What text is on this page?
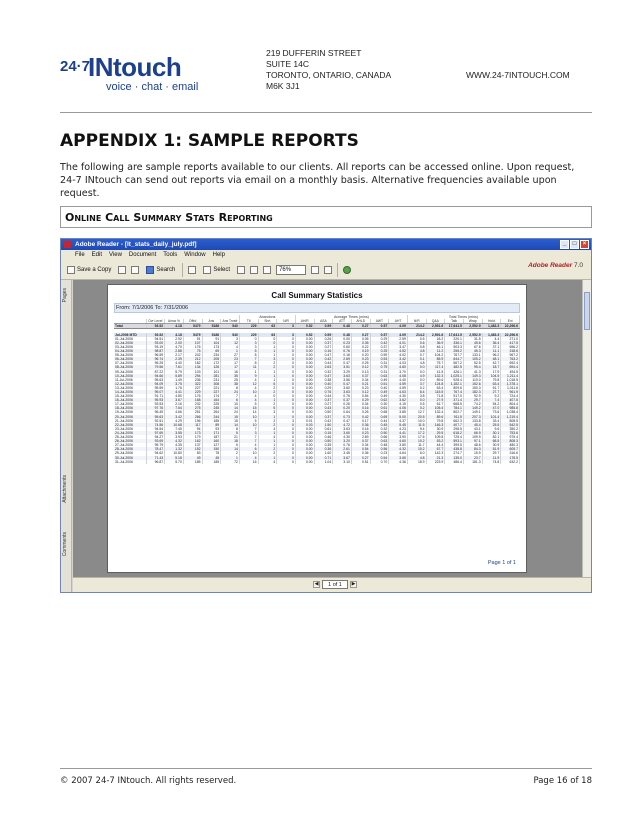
24·7
INtouch
voice · chat · email
219 DUFFERIN STREET
SUITE 14C
TORONTO, ONTARIO, CANADA
M6K 3J1
WWW.24-7INTOUCH.COM
APPENDIX 1: SAMPLE REPORTS

The following are sample reports available to our clients. All reports can be accessed online. Upon request, 24-7 INtouch can send out reports via email on a monthly basis. Alternative frequencies available upon request.

Online Call Summary Stats Reporting
Adobe Reader - [lt_stats_daily_july.pdf]	_	□	×
File Edit View Document Tools Window Help
Save a Copy	Search	Select	76%
Adobe Reader 7.0
Pages
Attachments
Comments
Call Summary Statistics
From: 7/1/2006 To: 7/31/2006
						Abandons			Average Times (mins)						Total Times (mins)					
	Ovr Level	Answ %	Offrd	Ans	Ans Trnsfr	Ttl	Shrt	N/R	AH/R	ASA	ATT	AHLD	AWT	AHT	N/R	Q&A	Talk	Wrap	Hold	Ext
Total	93.52	4.18	5479	5186	540	229	63	3	0.52	0.59	0.48	0.27	0.57	4.09	214.2	2,591.6	17,641.5	2,552.9	1,483.3	22,296.6

Jul-2006 MTD	93.52	4.18	5479	5186	540	229	63	3	0.52	0.59	0.48	0.27	0.57	4.09	214.2	2,591.6	17,641.5	2,552.9	1,483.3	22,296.6
01-Jul-2006	94.51	2.92	91	91	3	0	0	0	0.00	0.26	0.00	0.05	0.29	2.59	0.5	18.2	220.1	31.5	4.4	271.0
02-Jul-2006	93.00	2.00	107	104	12	3	0	0	0.00	0.37	0.23	0.35	0.42	4.01	0.6	36.9	336.1	45.6	36.4	417.5
03-Jul-2006	93.19	4.70	176	173	4	3	1	0	0.00	0.27	0.60	0.22	0.37	3.47	0.8	46.1	503.3	67.6	37.1	656.2
04-Jul-2006	98.87	2.88	75	69	1	5	1	0	0.00	0.16	0.76	0.19	0.25	4.52	4.8	11.2	255.2	45.3	11.1	318.6
05-Jul-2006	96.59	2.17	242	234	27	8	1	0	0.00	0.47	0.16	0.20	0.59	4.02	0.7	104.2	767.7	133.1	96.2	967.2
06-Jul-2006	96.74	2.39	212	205	23	7	3	0	0.00	0.42	2.69	0.23	0.53	3.42	0.1	85.9	644.7	105.2	48.1	763.2
07-Jul-2006	95.25	4.40	182	172	17	8	2	0	0.00	0.44	0.47	0.25	0.31	4.03	4.8	75.7	567.2	52.5	42.7	692.4
08-Jul-2006	79.56	7.61	134	126	17	11	2	0	0.00	2.63	3.51	0.12	0.75	4.60	0.0	117.4	482.5	95.4	18.7	694.4
09-Jul-2006	87.22	5.79	103	101	16	1	1	0	0.00	0.32	3.29	0.13	0.31	3.70	0.0	41.5	426.1	41.3	17.9	494.5
10-Jul-2006	94.66	5.89	294	281	35	9	1	0	0.00	0.47	3.63	0.37	0.63	4.08	4.9	132.3	1,025.1	149.3	104.5	1,211.4
11-Jul-2006	95.63	1.49	236	231	25	4	1	0	0.00	0.38	3.56	0.34	0.49	4.40	0.0	89.6	928.4	110.0	79.8	1,018.5
12-Jul-2006	94.09	3.75	322	308	38	12	6	0	0.00	0.40	0.47	0.21	0.51	4.59	3.7	124.8	1,182.1	152.6	63.4	1,378.1
13-Jul-2006	95.59	1.76	227	221	8	4	2	0	0.00	0.29	3.60	0.23	0.40	4.59	0.2	63.4	809.6	150.3	51.7	1,011.6
14-Jul-2006	95.07	4.41	229	227	24	10	2	0	0.00	0.76	3.63	0.12	0.49	4.63	8.4	115.5	767.4	182.3	27.7	961.9
15-Jul-2006	91.71	4.80	176	174	7	4	0	0	0.00	0.44	0.76	0.54	0.49	4.30	3.8	71.8	517.0	92.9	9.2	724.4
16-Jul-2006	95.93	3.67	168	164	6	4	1	0	0.00	0.37	0.37	0.29	0.62	3.62	0.0	27.9	371.4	29.7	7.4	407.5
17-Jul-2006	93.53	2.16	232	225	10	5	2	0	0.00	0.27	0.26	0.34	0.30	4.15	0.5	61.7	668.5	74.2	54.2	804.4
18-Jul-2006	97.76	7.54	275	245	14	15	5	0	0.00	0.43	0.20	0.16	0.61	4.06	0.2	105.4	784.1	149.2	47.0	985.8
19-Jul-2006	96.49	4.66	251	264	24	14	3	0	0.00	0.50	0.64	0.26	0.68	3.85	12.7	132.4	802.7	149.1	73.6	1,038.4
20-Jul-2006	95.63	3.42	266	244	15	10	1	0	0.00	0.37	0.73	0.42	0.69	5.00	20.5	89.6	911.5	207.3	101.4	1,219.4
21-Jul-2006	92.51	4.29	196	185	15	5	2	3	0.01	0.42	0.47	0.17	0.44	4.37	10.0	79.8	662.3	133.8	33.4	808.5
22-Jul-2006	74.56	10.68	117	89	14	10	2	0	0.03	1.50	4.72	0.36	0.45	5.45	11.5	146.3	407.7	45.4	25.5	542.5
23-Jul-2006	94.54	7.45	94	93	8	7	4	0	0.00	0.61	3.63	0.16	0.32	4.23	9.4	30.9	298.5	43.1	9.6	350.2
24-Jul-2006	97.69	3.55	173	171	5	3	1	0	0.00	0.15	3.60	0.23	0.50	4.41	17.2	29.5	618.2	66.9	30.1	753.6
25-Jul-2006	94.27	3.93	179	187	21	7	4	0	0.00	0.46	4.30	2.69	0.66	3.90	17.6	109.8	725.4	109.9	82.1	975.4
26-Jul-2006	93.69	4.32	162	160	18	7	1	0	0.00	0.50	3.20	0.37	0.63	4.60	10.2	53.2	593.1	97.1	68.5	808.3
27-Jul-2006	95.79	4.35	137	127	6	4	1	0	0.00	0.35	0.76	0.34	0.48	3.80	11.7	44.4	399.5	48.6	30.9	480.3
28-Jul-2006	78.47	1.32	152	150	14	6	2	0	0.00	0.36	2.61	0.54	0.56	4.32	15.2	67.7	438.8	84.3	51.9	605.7
29-Jul-2006	94.62	10.80	83	78	2	10	2	0	0.00	1.60	3.45	0.36	0.23	4.64	6.0	142.3	274.7	15.9	29.7	316.6
30-Jul-2006	71.43	5.18	49	45	1	4	1	0	0.00	0.71	3.67	0.27	0.54	3.65	4.8	21.3	135.0	23.7	11.9	178.5
31-Jul-2006	96.87	5.70	185	185	72	16	4	0	0.00	1.04	3.10	0.51	0.70	4.36	18.9	223.9	486.4	181.3	74.8	632.2
Page 1 of 1
◀	1 of 1	▶
© 2007 24-7 INtouch. All rights reserved.	Page 16 of 18
